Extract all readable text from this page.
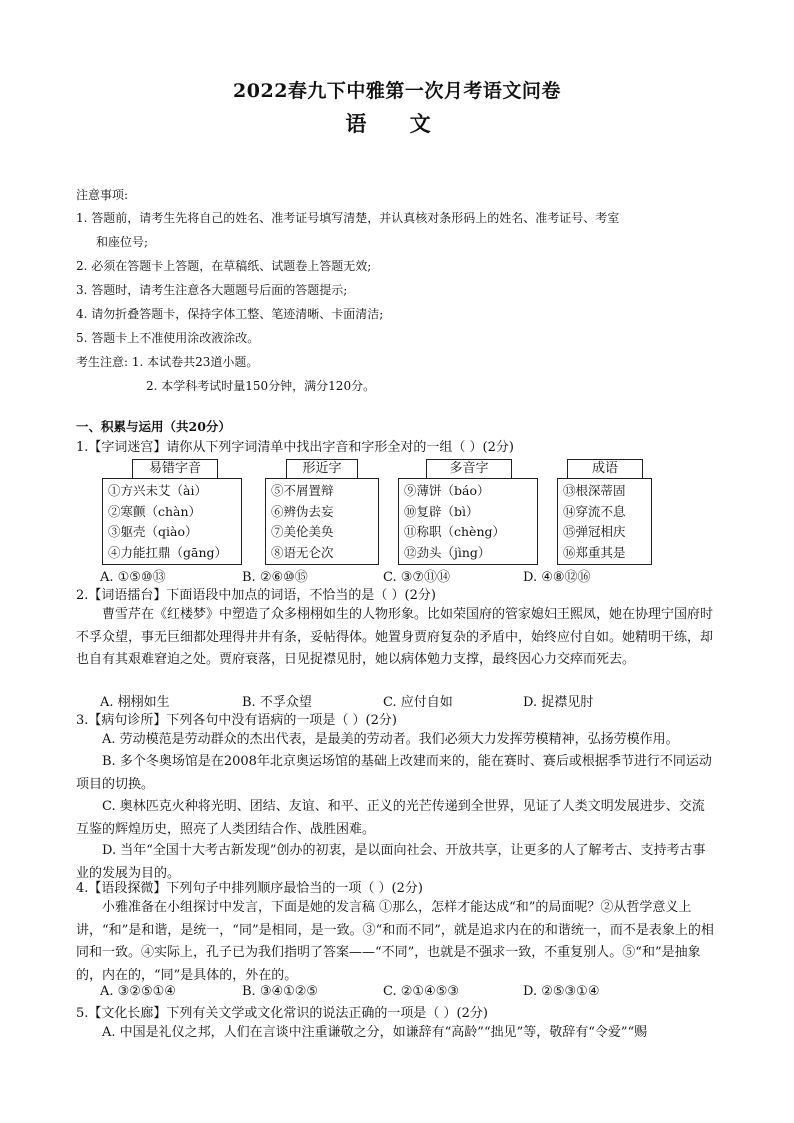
2022春九下中雅第一次月考语文问卷
语 文
注意事项:
1. 答题前，请考生先将自己的姓名、准考证号填写清楚，并认真核对条形码上的姓名、准考证号、考室
和座位号;
2. 必须在答题卡上答题，在草稿纸、试题卷上答题无效;
3. 答题时，请考生注意各大题题号后面的答题提示;
4. 请勿折叠答题卡，保持字体工整、笔迹清晰、卡面清洁;
5. 答题卡上不准使用涂改液涂改。
考生注意: 1. 本试卷共23道小题。
2. 本学科考试时量150分钟，满分120分。
一、积累与运用（共20分）
1.【字词迷宫】请你从下列字词清单中找出字音和字形全对的一组（ ）(2分)
易错字音	形近字	多音字	成语
①方兴未艾（ài）
②寒颤（chàn）
③躯壳（qiào）
④力能扛鼎（gāng）
⑤不屑置辩
⑥辨伪去妄
⑦美伦美奂
⑧语无仑次
⑨薄饼（báo）
⑩复辟（bì）
⑪称职（chèng）
⑫劲头（jìng）
⑬根深蒂固
⑭穿流不息
⑮弹冠相庆
⑯郑重其是
A. ①⑤⑩⑬	B. ②⑥⑩⑮	C. ③⑦⑪⑭	D. ④⑧⑫⑯
2.【词语擂台】下面语段中加点的词语，不恰当的是（ ）(2分)
曹雪芹在《红楼梦》中塑造了众多栩栩如生的人物形象。比如荣国府的管家媳妇王熙凤，她在协理宁国府时不孚众望，事无巨细都处理得井井有条，妥帖得体。她置身贾府复杂的矛盾中，始终应付自如。她精明干练，却也自有其艰难窘迫之处。贾府衰落，日见捉襟见肘，她以病体勉力支撑，最终因心力交瘁而死去。
A. 栩栩如生	B. 不孚众望	C. 应付自如	D. 捉襟见肘
3.【病句诊所】下列各句中没有语病的一项是（ ）(2分)
A. 劳动模范是劳动群众的杰出代表，是最美的劳动者。我们必须大力发挥劳模精神，弘扬劳模作用。
B. 多个冬奥场馆是在2008年北京奥运场馆的基础上改建而来的，能在赛时、赛后或根据季节进行不同运动项目的切换。
C. 奥林匹克火种将光明、团结、友谊、和平、正义的光芒传递到全世界，见证了人类文明发展进步、交流互鉴的辉煌历史，照亮了人类团结合作、战胜困难。
D. 当年“全国十大考古新发现”创办的初衷，是以面向社会、开放共享，让更多的人了解考古、支持考古事业的发展为目的。
4.【语段探微】下列句子中排列顺序最恰当的一项（ ）(2分)
小雅准备在小组探讨中发言，下面是她的发言稿 ①那么，怎样才能达成“和”的局面呢？②从哲学意义上讲，“和”是和谐，是统一，“同”是相同，是一致。③“和而不同”，就是追求内在的和谐统一，而不是表象上的相同和一致。④实际上，孔子已为我们指明了答案——“不同”，也就是不强求一致，不重复别人。⑤“和”是抽象的，内在的，“同”是具体的，外在的。
A. ③②⑤①④	B. ③④①②⑤	C. ②①④⑤③	D. ②⑤③①④
5.【文化长廊】下列有关文学或文化常识的说法正确的一项是（ ）(2分)
A. 中国是礼仪之邦，人们在言谈中注重谦敬之分，如谦辞有“高龄”“拙见”等，敬辞有“令爱”“赐
